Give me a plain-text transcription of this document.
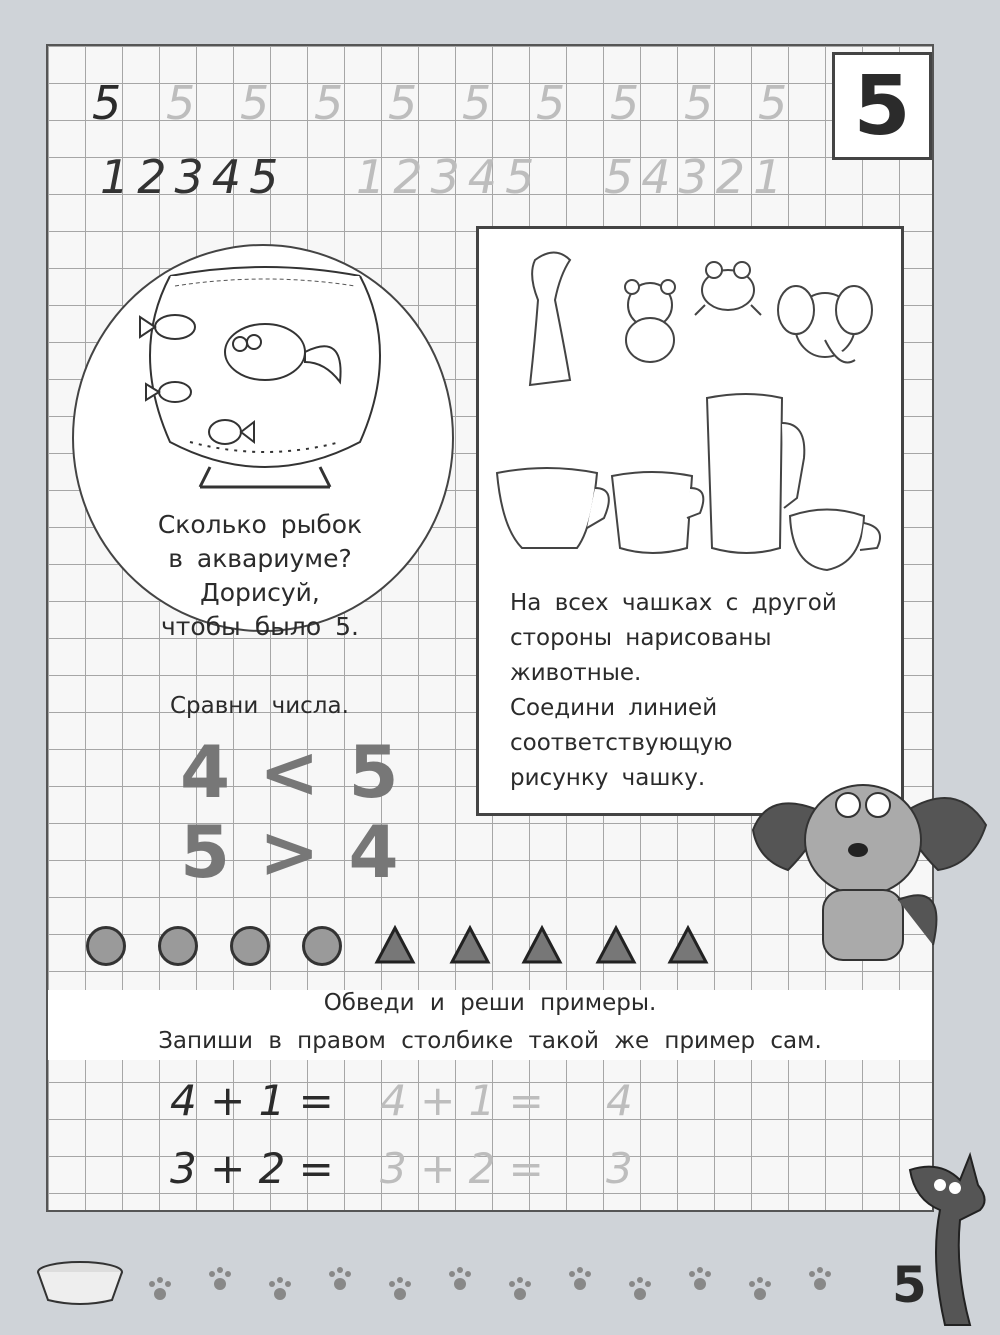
5
5 5 5 5 5 5 5 5 5 5
12345 12345 54321
Сколько рыбок
в аквариуме?
Дорисуй,
чтобы было 5.
На всех чашках с другой
стороны нарисованы
животные.
Соедини линией
соответствующую
рисунку чашку.
Сравни числа.
4 < 5
5 > 4
Обведи и реши примеры.
Запиши в правом столбике такой же пример сам.
4 + 1 = 4 + 1 = 4
3 + 2 = 3 + 2 = 3
5
